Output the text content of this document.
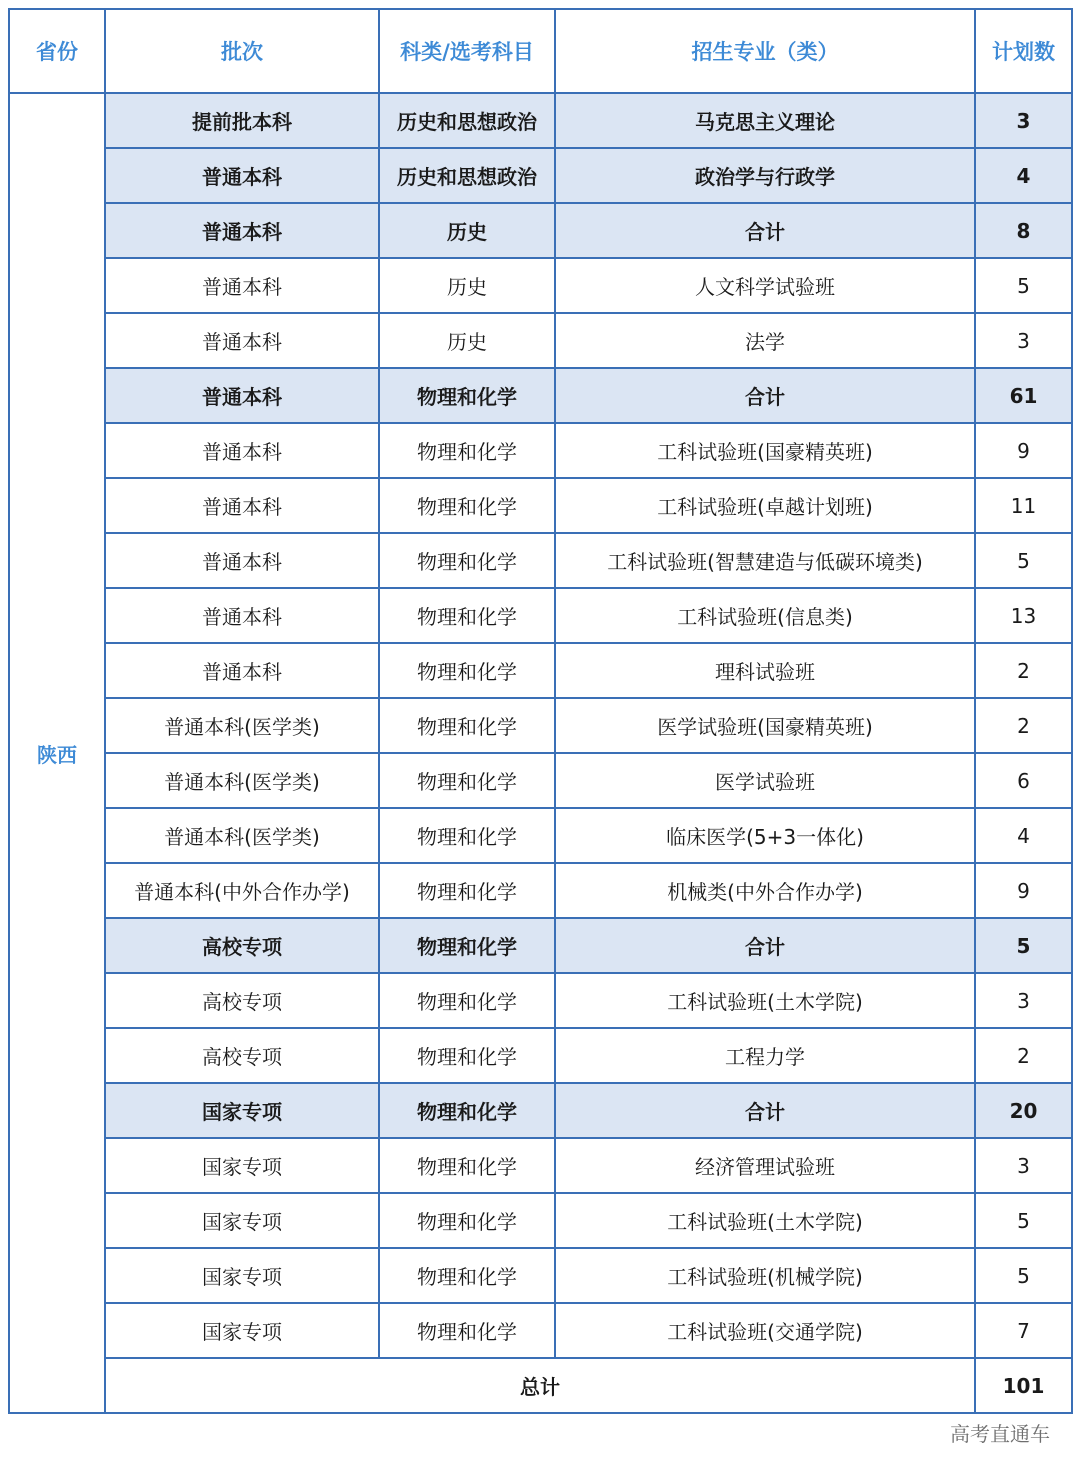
省份	批次	科类/选考科目	招生专业（类）	计划数
陕西	提前批本科	历史和思想政治	马克思主义理论	3
	普通本科	历史和思想政治	政治学与行政学	4
	普通本科	历史	合计	8
	普通本科	历史	人文科学试验班	5
	普通本科	历史	法学	3
	普通本科	物理和化学	合计	61
	普通本科	物理和化学	工科试验班(国豪精英班)	9
	普通本科	物理和化学	工科试验班(卓越计划班)	11
	普通本科	物理和化学	工科试验班(智慧建造与低碳环境类)	5
	普通本科	物理和化学	工科试验班(信息类)	13
	普通本科	物理和化学	理科试验班	2
	普通本科(医学类)	物理和化学	医学试验班(国豪精英班)	2
	普通本科(医学类)	物理和化学	医学试验班	6
	普通本科(医学类)	物理和化学	临床医学(5+3一体化)	4
	普通本科(中外合作办学)	物理和化学	机械类(中外合作办学)	9
	高校专项	物理和化学	合计	5
	高校专项	物理和化学	工科试验班(土木学院)	3
	高校专项	物理和化学	工程力学	2
	国家专项	物理和化学	合计	20
	国家专项	物理和化学	经济管理试验班	3
	国家专项	物理和化学	工科试验班(土木学院)	5
	国家专项	物理和化学	工科试验班(机械学院)	5
	国家专项	物理和化学	工科试验班(交通学院)	7
	总计			101
高考直通车
